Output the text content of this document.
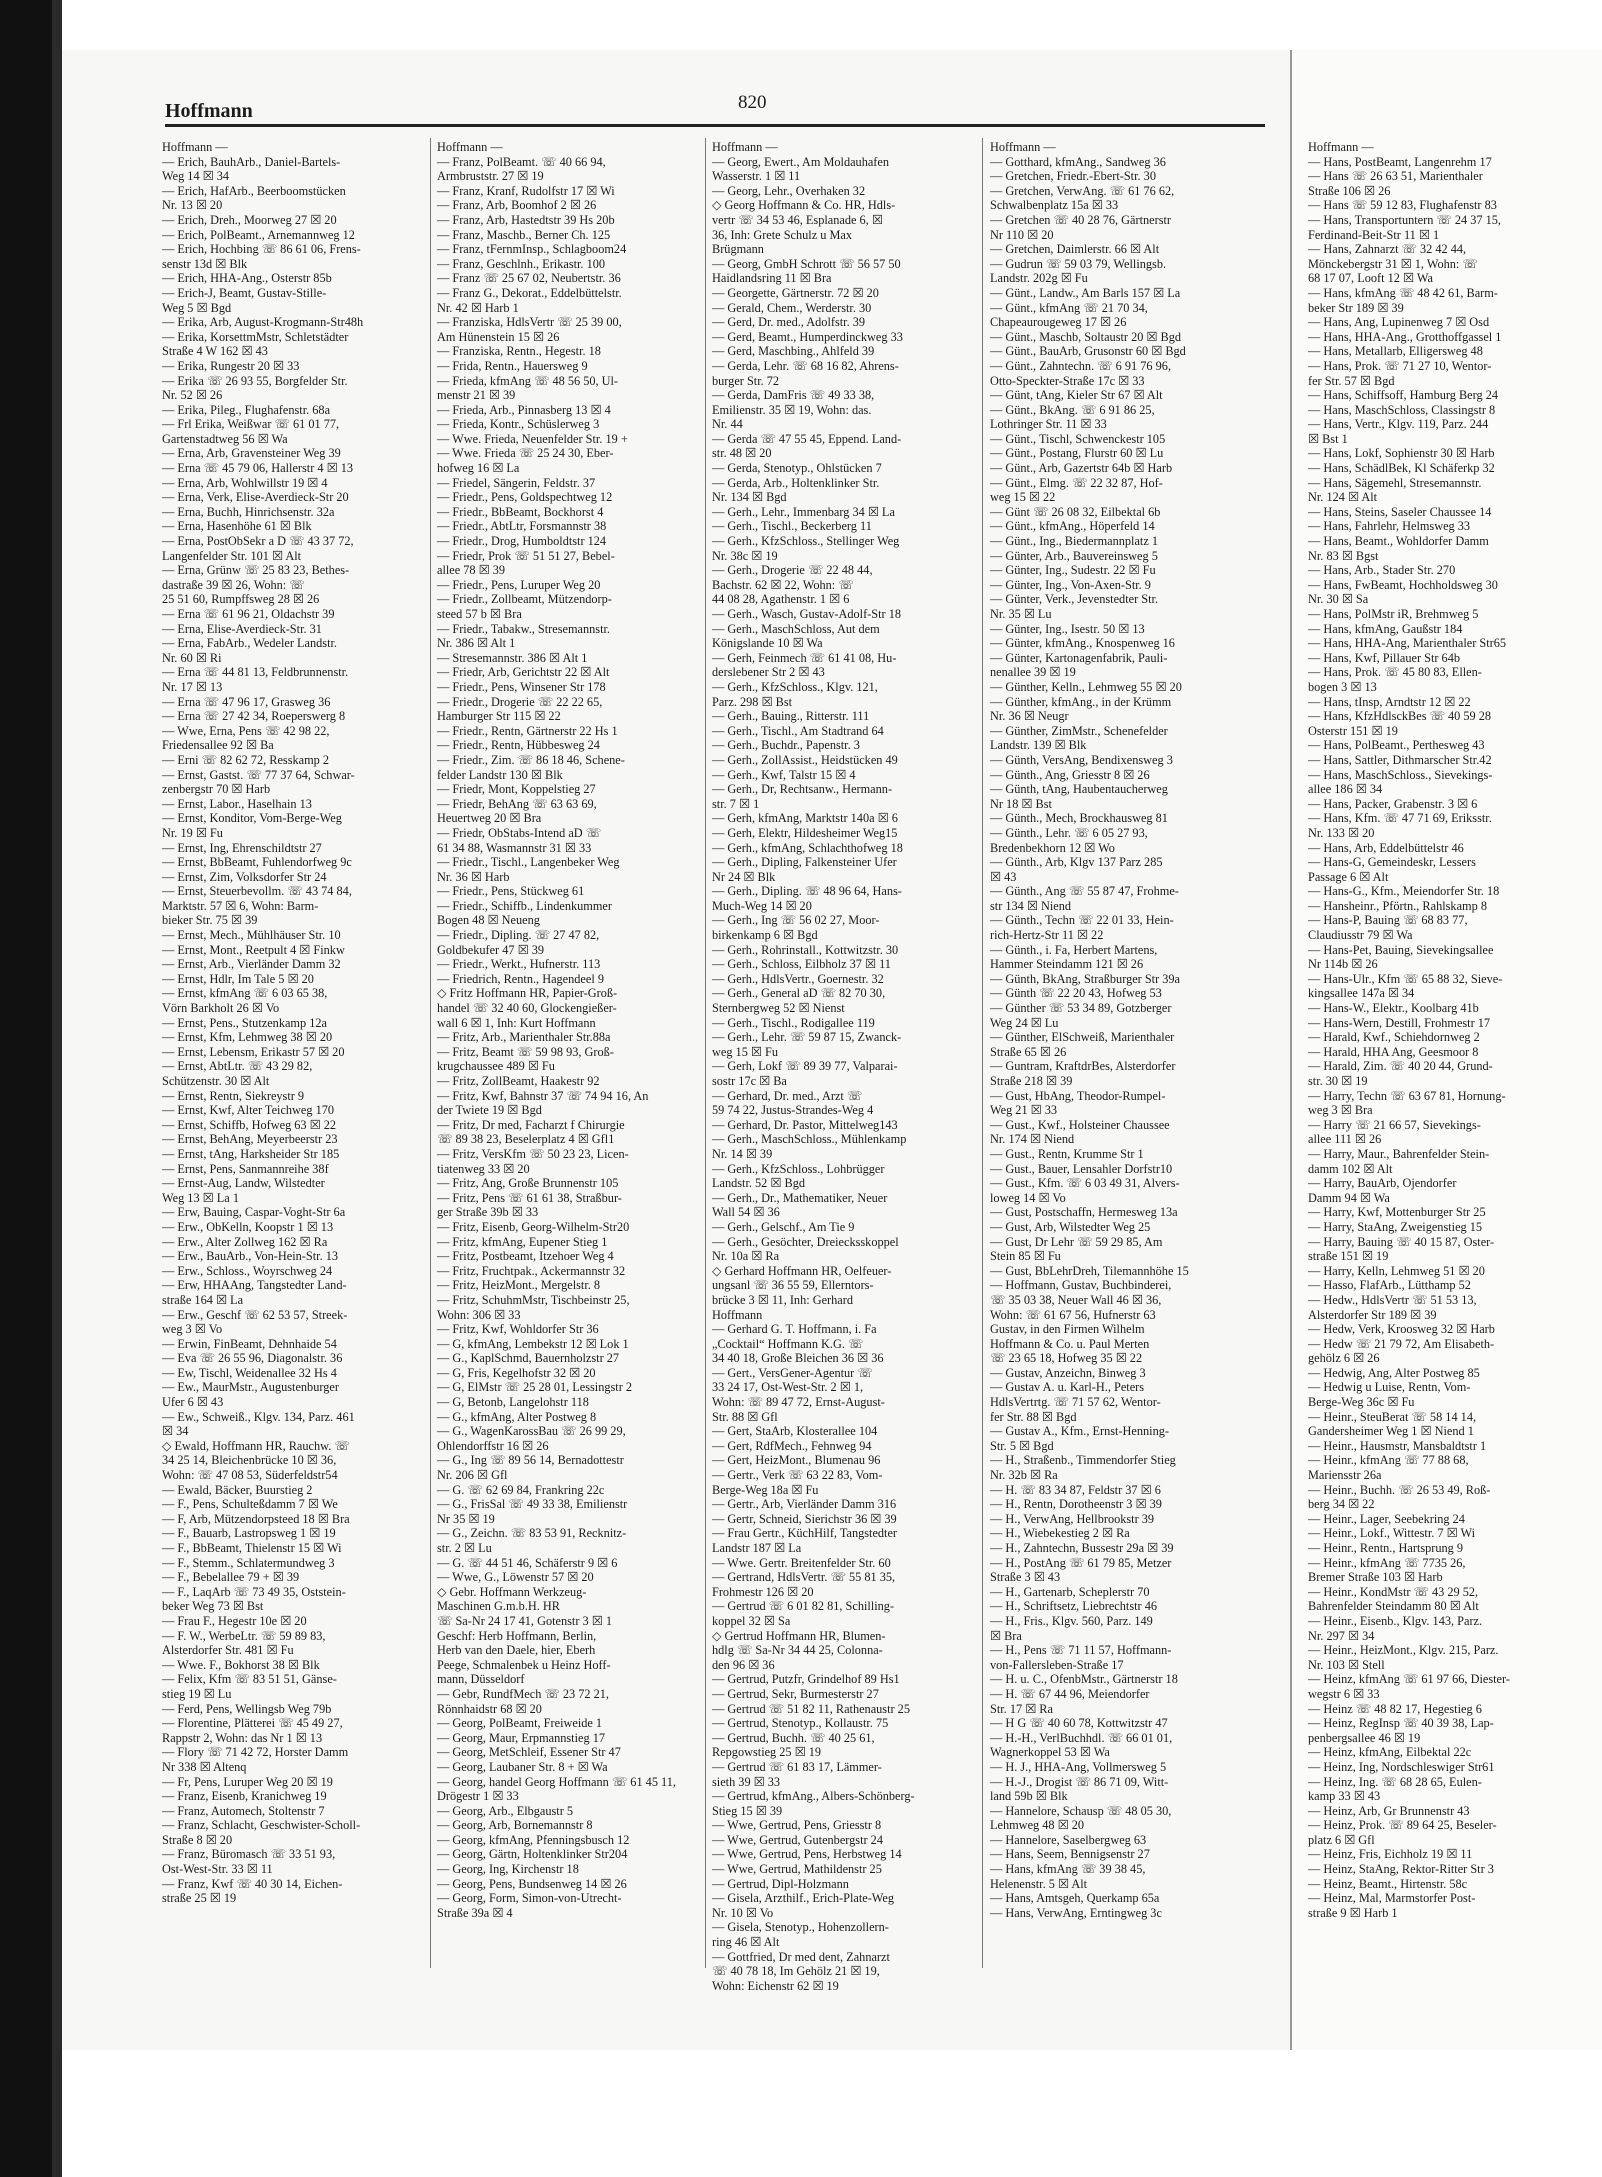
Hoffmann	820
Hoffmann —
— Erich, BauhArb., Daniel-Bartels-
Weg 14 ☒ 34
— Erich, HafArb., Beerboomstücken
Nr. 13 ☒ 20
— Erich, Dreh., Moorweg 27 ☒ 20
— Erich, PolBeamt., Arnemannweg 12
— Erich, Hochbing ☏ 86 61 06, Frens-
senstr 13d ☒ Blk
— Erich, HHA-Ang., Osterstr 85b
— Erich-J, Beamt, Gustav-Stille-
Weg 5 ☒ Bgd
— Erika, Arb, August-Krogmann-Str48h
— Erika, KorsettmMstr, Schletstädter
Straße 4 W 162 ☒ 43
— Erika, Rungestr 20 ☒ 33
— Erika ☏ 26 93 55, Borgfelder Str.
Nr. 52 ☒ 26
— Erika, Pileg., Flughafenstr. 68a
— Frl Erika, Weißwar ☏ 61 01 77,
Gartenstadtweg 56 ☒ Wa
— Erna, Arb, Gravensteiner Weg 39
— Erna ☏ 45 79 06, Hallerstr 4 ☒ 13
— Erna, Arb, Wohlwillstr 19 ☒ 4
— Erna, Verk, Elise-Averdieck-Str 20
— Erna, Buchh, Hinrichsenstr. 32a
— Erna, Hasenhöhe 61 ☒ Blk
— Erna, PostObSekr a D ☏ 43 37 72,
Langenfelder Str. 101 ☒ Alt
— Erna, Grünw ☏ 25 83 23, Bethes-
dastraße 39 ☒ 26, Wohn: ☏
25 51 60, Rumpffsweg 28 ☒ 26
— Erna ☏ 61 96 21, Oldachstr 39
— Erna, Elise-Averdieck-Str. 31
— Erna, FabArb., Wedeler Landstr.
Nr. 60 ☒ Ri
— Erna ☏ 44 81 13, Feldbrunnenstr.
Nr. 17 ☒ 13
— Erna ☏ 47 96 17, Grasweg 36
— Erna ☏ 27 42 34, Roeperswerg 8
— Wwe, Erna, Pens ☏ 42 98 22,
Friedensallee 92 ☒ Ba
— Erni ☏ 82 62 72, Resskamp 2
— Ernst, Gastst. ☏ 77 37 64, Schwar-
zenbergstr 70 ☒ Harb
— Ernst, Labor., Haselhain 13
— Ernst, Konditor, Vom-Berge-Weg
Nr. 19 ☒ Fu
— Ernst, Ing, Ehrenschildtstr 27
— Ernst, BbBeamt, Fuhlendorfweg 9c
— Ernst, Zim, Volksdorfer Str 24
— Ernst, Steuerbevollm. ☏ 43 74 84,
Marktstr. 57 ☒ 6, Wohn: Barm-
bieker Str. 75 ☒ 39
— Ernst, Mech., Mühlhäuser Str. 10
— Ernst, Mont., Reetpult 4 ☒ Finkw
— Ernst, Arb., Vierländer Damm 32
— Ernst, Hdlr, Im Tale 5 ☒ 20
— Ernst, kfmAng ☏ 6 03 65 38,
Vörn Barkholt 26 ☒ Vo
— Ernst, Pens., Stutzenkamp 12a
— Ernst, Kfm, Lehmweg 38 ☒ 20
— Ernst, Lebensm, Erikastr 57 ☒ 20
— Ernst, AbtLtr. ☏ 43 29 82,
Schützenstr. 30 ☒ Alt
— Ernst, Rentn, Siekreystr 9
— Ernst, Kwf, Alter Teichweg 170
— Ernst, Schiffb, Hofweg 63 ☒ 22
— Ernst, BehAng, Meyerbeerstr 23
— Ernst, tAng, Harksheider Str 185
— Ernst, Pens, Sanmannreihe 38f
— Ernst-Aug, Landw, Wilstedter
Weg 13 ☒ La 1
— Erw, Bauing, Caspar-Voght-Str 6a
— Erw., ObKelln, Koopstr 1 ☒ 13
— Erw., Alter Zollweg 162 ☒ Ra
— Erw., BauArb., Von-Hein-Str. 13
— Erw., Schloss., Woyrschweg 24
— Erw, HHAAng, Tangstedter Land-
straße 164 ☒ La
— Erw., Geschf ☏ 62 53 57, Streek-
weg 3 ☒ Vo
— Erwin, FinBeamt, Dehnhaide 54
— Eva ☏ 26 55 96, Diagonalstr. 36
— Ew, Tischl, Weidenallee 32 Hs 4
— Ew., MaurMstr., Augustenburger
Ufer 6 ☒ 43
— Ew., Schweiß., Klgv. 134, Parz. 461
☒ 34
◇ Ewald, Hoffmann HR, Rauchw. ☏
34 25 14, Bleichenbrücke 10 ☒ 36,
Wohn: ☏ 47 08 53, Süderfeldstr54
— Ewald, Bäcker, Buurstieg 2
— F., Pens, Schulteßdamm 7 ☒ We
— F, Arb, Mützendorpsteed 18 ☒ Bra
— F., Bauarb, Lastropsweg 1 ☒ 19
— F., BbBeamt, Thielenstr 15 ☒ Wi
— F., Stemm., Schlatermundweg 3
— F., Bebelallee 79 + ☒ 39
— F., LaqArb ☏ 73 49 35, Oststein-
beker Weg 73 ☒ Bst
— Frau F., Hegestr 10e ☒ 20
— F. W., WerbeLtr. ☏ 59 89 83,
Alsterdorfer Str. 481 ☒ Fu
— Wwe. F., Bokhorst 38 ☒ Blk
— Felix, Kfm ☏ 83 51 51, Gänse-
stieg 19 ☒ Lu
— Ferd, Pens, Wellingsb Weg 79b
— Florentine, Plätterei ☏ 45 49 27,
Rappstr 2, Wohn: das Nr 1 ☒ 13
— Flory ☏ 71 42 72, Horster Damm
Nr 338 ☒ Altenq
— Fr, Pens, Luruper Weg 20 ☒ 19
— Franz, Eisenb, Kranichweg 19
— Franz, Automech, Stoltenstr 7
— Franz, Schlacht, Geschwister-Scholl-
Straße 8 ☒ 20
— Franz, Büromasch ☏ 33 51 93,
Ost-West-Str. 33 ☒ 11
— Franz, Kwf ☏ 40 30 14, Eichen-
straße 25 ☒ 19
Hoffmann —
— Franz, PolBeamt. ☏ 40 66 94,
Armbruststr. 27 ☒ 19
— Franz, Kranf, Rudolfstr 17 ☒ Wi
— Franz, Arb, Boomhof 2 ☒ 26
— Franz, Arb, Hastedtstr 39 Hs 20b
— Franz, Maschb., Berner Ch. 125
— Franz, tFernmInsp., Schlagboom24
— Franz, Geschlnh., Erikastr. 100
— Franz ☏ 25 67 02, Neubertstr. 36
— Franz G., Dekorat., Eddelbüttelstr.
Nr. 42 ☒ Harb 1
— Franziska, HdlsVertr ☏ 25 39 00,
Am Hünenstein 15 ☒ 26
— Franziska, Rentn., Hegestr. 18
— Frida, Rentn., Hauersweg 9
— Frieda, kfmAng ☏ 48 56 50, Ul-
menstr 21 ☒ 39
— Frieda, Arb., Pinnasberg 13 ☒ 4
— Frieda, Kontr., Schüslerweg 3
— Wwe. Frieda, Neuenfelder Str. 19 +
— Wwe. Frieda ☏ 25 24 30, Eber-
hofweg 16 ☒ La
— Friedel, Sängerin, Feldstr. 37
— Friedr., Pens, Goldspechtweg 12
— Friedr., BbBeamt, Bockhorst 4
— Friedr., AbtLtr, Forsmannstr 38
— Friedr., Drog, Humboldtstr 124
— Friedr, Prok ☏ 51 51 27, Bebel-
allee 78 ☒ 39
— Friedr., Pens, Luruper Weg 20
— Friedr., Zollbeamt, Mützendorp-
steed 57 b ☒ Bra
— Friedr., Tabakw., Stresemannstr.
Nr. 386 ☒ Alt 1
— Stresemannstr. 386 ☒ Alt 1
— Friedr, Arb, Gerichtstr 22 ☒ Alt
— Friedr., Pens, Winsener Str 178
— Friedr., Drogerie ☏ 22 22 65,
Hamburger Str 115 ☒ 22
— Friedr., Rentn, Gärtnerstr 22 Hs 1
— Friedr., Rentn, Hübbesweg 24
— Friedr., Zim. ☏ 86 18 46, Schene-
felder Landstr 130 ☒ Blk
— Friedr, Mont, Koppelstieg 27
— Friedr, BehAng ☏ 63 63 69,
Heuertweg 20 ☒ Bra
— Friedr, ObStabs-Intend aD ☏
61 34 88, Wasmannstr 31 ☒ 33
— Friedr., Tischl., Langenbeker Weg
Nr. 36 ☒ Harb
— Friedr., Pens, Stückweg 61
— Friedr., Schiffb., Lindenkummer
Bogen 48 ☒ Neueng
— Friedr., Dipling. ☏ 27 47 82,
Goldbekufer 47 ☒ 39
— Friedr., Werkt., Hufnerstr. 113
— Friedrich, Rentn., Hagendeel 9
◇ Fritz Hoffmann HR, Papier-Groß-
handel ☏ 32 40 60, Glockengießer-
wall 6 ☒ 1, Inh: Kurt Hoffmann
— Fritz, Arb., Marienthaler Str.88a
— Fritz, Beamt ☏ 59 98 93, Groß-
krugchaussee 489 ☒ Fu
— Fritz, ZollBeamt, Haakestr 92
— Fritz, Kwf, Bahnstr 37 ☏ 74 94 16, An
der Twiete 19 ☒ Bgd
— Fritz, Dr med, Facharzt f Chirurgie
☏ 89 38 23, Beselerplatz 4 ☒ Gfl1
— Fritz, VersKfm ☏ 50 23 23, Licen-
tiatenweg 33 ☒ 20
— Fritz, Ang, Große Brunnenstr 105
— Fritz, Pens ☏ 61 61 38, Straßbur-
ger Straße 39b ☒ 33
— Fritz, Eisenb, Georg-Wilhelm-Str20
— Fritz, kfmAng, Eupener Stieg 1
— Fritz, Postbeamt, Itzehoer Weg 4
— Fritz, Fruchtpak., Ackermannstr 32
— Fritz, HeizMont., Mergelstr. 8
— Fritz, SchuhmMstr, Tischbeinstr 25,
Wohn: 306 ☒ 33
— Fritz, Kwf, Wohldorfer Str 36
— G, kfmAng, Lembekstr 12 ☒ Lok 1
— G., KaplSchmd, Bauernholzstr 27
— G, Fris, Kegelhofstr 32 ☒ 20
— G, ElMstr ☏ 25 28 01, Lessingstr 2
— G, Betonb, Langelohstr 118
— G., kfmAng, Alter Postweg 8
— G., WagenKarossBau ☏ 26 99 29,
Ohlendorffstr 16 ☒ 26
— G., Ing ☏ 89 56 14, Bernadottestr
Nr. 206 ☒ Gfl
— G. ☏ 62 69 84, Frankring 22c
— G., FrisSal ☏ 49 33 38, Emilienstr
Nr 35 ☒ 19
— G., Zeichn. ☏ 83 53 91, Recknitz-
str. 2 ☒ Lu
— G. ☏ 44 51 46, Schäferstr 9 ☒ 6
— Wwe, G., Löwenstr 57 ☒ 20
◇ Gebr. Hoffmann Werkzeug-
Maschinen G.m.b.H. HR
☏ Sa-Nr 24 17 41, Gotenstr 3 ☒ 1
Geschf: Herb Hoffmann, Berlin,
Herb van den Daele, hier, Eberh
Peege, Schmalenbek u Heinz Hoff-
mann, Düsseldorf
— Gebr, RundfMech ☏ 23 72 21,
Rönnhaidstr 68 ☒ 20
— Georg, PolBeamt, Freiweide 1
— Georg, Maur, Erpmannstieg 17
— Georg, MetSchleif, Essener Str 47
— Georg, Laubaner Str. 8 + ☒ Wa
— Georg, handel Georg Hoffmann ☏ 61 45 11,
Drögestr 1 ☒ 33
— Georg, Arb., Elbgaustr 5
— Georg, Arb, Bornemannstr 8
— Georg, kfmAng, Pfenningsbusch 12
— Georg, Gärtn, Holtenklinker Str204
— Georg, Ing, Kirchenstr 18
— Georg, Pens, Bundsenweg 14 ☒ 26
— Georg, Form, Simon-von-Utrecht-
Straße 39a ☒ 4
Hoffmann —
— Georg, Ewert., Am Moldauhafen
Wasserstr. 1 ☒ 11
— Georg, Lehr., Overhaken 32
◇ Georg Hoffmann & Co. HR, Hdls-
vertr ☏ 34 53 46, Esplanade 6, ☒
36, Inh: Grete Schulz u Max
Brügmann
— Georg, GmbH Schrott ☏ 56 57 50
Haidlandsring 11 ☒ Bra
— Georgette, Gärtnerstr. 72 ☒ 20
— Gerald, Chem., Werderstr. 30
— Gerd, Dr. med., Adolfstr. 39
— Gerd, Beamt., Humperdinckweg 33
— Gerd, Maschbing., Ahlfeld 39
— Gerda, Lehr. ☏ 68 16 82, Ahrens-
burger Str. 72
— Gerda, DamFris ☏ 49 33 38,
Emilienstr. 35 ☒ 19, Wohn: das.
Nr. 44
— Gerda ☏ 47 55 45, Eppend. Land-
str. 48 ☒ 20
— Gerda, Stenotyp., Ohlstücken 7
— Gerda, Arb., Holtenklinker Str.
Nr. 134 ☒ Bgd
— Gerh., Lehr., Immenbarg 34 ☒ La
— Gerh., Tischl., Beckerberg 11
— Gerh., KfzSchloss., Stellinger Weg
Nr. 38c ☒ 19
— Gerh., Drogerie ☏ 22 48 44,
Bachstr. 62 ☒ 22, Wohn: ☏
44 08 28, Agathenstr. 1 ☒ 6
— Gerh., Wasch, Gustav-Adolf-Str 18
— Gerh., MaschSchloss, Aut dem
Königslande 10 ☒ Wa
— Gerh, Feinmech ☏ 61 41 08, Hu-
derslebener Str 2 ☒ 43
— Gerh., KfzSchloss., Klgv. 121,
Parz. 298 ☒ Bst
— Gerh., Bauing., Ritterstr. 111
— Gerh., Tischl., Am Stadtrand 64
— Gerh., Buchdr., Papenstr. 3
— Gerh., ZollAssist., Heidstücken 49
— Gerh., Kwf, Talstr 15 ☒ 4
— Gerh., Dr, Rechtsanw., Hermann-
str. 7 ☒ 1
— Gerh, kfmAng, Marktstr 140a ☒ 6
— Gerh, Elektr, Hildesheimer Weg15
— Gerh., kfmAng, Schlachthofweg 18
— Gerh., Dipling, Falkensteiner Ufer
Nr 24 ☒ Blk
— Gerh., Dipling. ☏ 48 96 64, Hans-
Much-Weg 14 ☒ 20
— Gerh., Ing ☏ 56 02 27, Moor-
birkenkamp 6 ☒ Bgd
— Gerh., Rohrinstall., Kottwitzstr. 30
— Gerh., Schloss, Eilbholz 37 ☒ 11
— Gerh., HdlsVertr., Goernestr. 32
— Gerh., General aD ☏ 82 70 30,
Sternbergweg 52 ☒ Nienst
— Gerh., Tischl., Rodigallee 119
— Gerh., Lehr. ☏ 59 87 15, Zwanck-
weg 15 ☒ Fu
— Gerh, Lokf ☏ 89 39 77, Valparai-
sostr 17c ☒ Ba
— Gerhard, Dr. med., Arzt ☏
59 74 22, Justus-Strandes-Weg 4
— Gerhard, Dr. Pastor, Mittelweg143
— Gerh., MaschSchloss., Mühlenkamp
Nr. 14 ☒ 39
— Gerh., KfzSchloss., Lohbrügger
Landstr. 52 ☒ Bgd
— Gerh., Dr., Mathematiker, Neuer
Wall 54 ☒ 36
— Gerh., Gelschf., Am Tie 9
— Gerh., Gesöchter, Dreiecksskoppel
Nr. 10a ☒ Ra
◇ Gerhard Hoffmann HR, Oelfeuer-
ungsanl ☏ 36 55 59, Ellerntors-
brücke 3 ☒ 11, Inh: Gerhard
Hoffmann
— Gerhard G. T. Hoffmann, i. Fa
„Cocktail“ Hoffmann K.G. ☏
34 40 18, Große Bleichen 36 ☒ 36
— Gert., VersGener-Agentur ☏
33 24 17, Ost-West-Str. 2 ☒ 1,
Wohn: ☏ 89 47 72, Ernst-August-
Str. 88 ☒ Gfl
— Gert, StaArb, Klosterallee 104
— Gert, RdfMech., Fehnweg 94
— Gert, HeizMont., Blumenau 96
— Gertr., Verk ☏ 63 22 83, Vom-
Berge-Weg 18a ☒ Fu
— Gertr., Arb, Vierländer Damm 316
— Gertr, Schneid, Sierichstr 36 ☒ 39
— Frau Gertr., KüchHilf, Tangstedter
Landstr 187 ☒ La
— Wwe. Gertr. Breitenfelder Str. 60
— Gertrand, HdlsVertr. ☏ 55 81 35,
Frohmestr 126 ☒ 20
— Gertrud ☏ 6 01 82 81, Schilling-
koppel 32 ☒ Sa
◇ Gertrud Hoffmann HR, Blumen-
hdlg ☏ Sa-Nr 34 44 25, Colonna-
den 96 ☒ 36
— Gertrud, Putzfr, Grindelhof 89 Hs1
— Gertrud, Sekr, Burmesterstr 27
— Gertrud ☏ 51 82 11, Rathenaustr 25
— Gertrud, Stenotyp., Kollaustr. 75
— Gertrud, Buchh. ☏ 40 25 61,
Repgowstieg 25 ☒ 19
— Gertrud ☏ 61 83 17, Lämmer-
sieth 39 ☒ 33
— Gertrud, kfmAng., Albers-Schönberg-
Stieg 15 ☒ 39
— Wwe, Gertrud, Pens, Griesstr 8
— Wwe, Gertrud, Gutenbergstr 24
— Wwe, Gertrud, Pens, Herbstweg 14
— Wwe, Gertrud, Mathildenstr 25
— Gertrud, Dipl-Holzmann
— Gisela, Arzthilf., Erich-Plate-Weg
Nr. 10 ☒ Vo
— Gisela, Stenotyp., Hohenzollern-
ring 46 ☒ Alt
— Gottfried, Dr med dent, Zahnarzt
☏ 40 78 18, Im Gehölz 21 ☒ 19,
Wohn: Eichenstr 62 ☒ 19
Hoffmann —
— Gotthard, kfmAng., Sandweg 36
— Gretchen, Friedr.-Ebert-Str. 30
— Gretchen, VerwAng. ☏ 61 76 62,
Schwalbenplatz 15a ☒ 33
— Gretchen ☏ 40 28 76, Gärtnerstr
Nr 110 ☒ 20
— Gretchen, Daimlerstr. 66 ☒ Alt
— Gudrun ☏ 59 03 79, Wellingsb.
Landstr. 202g ☒ Fu
— Günt., Landw., Am Barls 157 ☒ La
— Günt., kfmAng ☏ 21 70 34,
Chapeaurougeweg 17 ☒ 26
— Günt., Maschb, Soltaustr 20 ☒ Bgd
— Günt., BauArb, Grusonstr 60 ☒ Bgd
— Günt., Zahntechn. ☏ 6 91 76 96,
Otto-Speckter-Straße 17c ☒ 33
— Günt, tAng, Kieler Str 67 ☒ Alt
— Günt., BkAng. ☏ 6 91 86 25,
Lothringer Str. 11 ☒ 33
— Günt., Tischl, Schwenckestr 105
— Günt., Postang, Flurstr 60 ☒ Lu
— Günt., Arb, Gazertstr 64b ☒ Harb
— Günt., Elmg. ☏ 22 32 87, Hof-
weg 15 ☒ 22
— Günt ☏ 26 08 32, Eilbektal 6b
— Günt., kfmAng., Höperfeld 14
— Günt., Ing., Biedermannplatz 1
— Günter, Arb., Bauvereinsweg 5
— Günter, Ing., Sudestr. 22 ☒ Fu
— Günter, Ing., Von-Axen-Str. 9
— Günter, Verk., Jevenstedter Str.
Nr. 35 ☒ Lu
— Günter, Ing., Isestr. 50 ☒ 13
— Günter, kfmAng., Knospenweg 16
— Günter, Kartonagenfabrik, Pauli-
nenallee 39 ☒ 19
— Günther, Kelln., Lehmweg 55 ☒ 20
— Günther, kfmAng., in der Krümm
Nr. 36 ☒ Neugr
— Günther, ZimMstr., Schenefelder
Landstr. 139 ☒ Blk
— Günth, VersAng, Bendixensweg 3
— Günth., Ang, Griesstr 8 ☒ 26
— Günth, tAng, Haubentaucherweg
Nr 18 ☒ Bst
— Günth., Mech, Brockhausweg 81
— Günth., Lehr. ☏ 6 05 27 93,
Bredenbekhorn 12 ☒ Wo
— Günth., Arb, Klgv 137 Parz 285
☒ 43
— Günth., Ang ☏ 55 87 47, Frohme-
str 134 ☒ Niend
— Günth., Techn ☏ 22 01 33, Hein-
rich-Hertz-Str 11 ☒ 22
— Günth., i. Fa, Herbert Martens,
Hammer Steindamm 121 ☒ 26
— Günth, BkAng, Straßburger Str 39a
— Günth ☏ 22 20 43, Hofweg 53
— Günther ☏ 53 34 89, Gotzberger
Weg 24 ☒ Lu
— Günther, ElSchweiß, Marienthaler
Straße 65 ☒ 26
— Guntram, KraftdrBes, Alsterdorfer
Straße 218 ☒ 39
— Gust, HbAng, Theodor-Rumpel-
Weg 21 ☒ 33
— Gust., Kwf., Holsteiner Chaussee
Nr. 174 ☒ Niend
— Gust., Rentn, Krumme Str 1
— Gust., Bauer, Lensahler Dorfstr10
— Gust., Kfm. ☏ 6 03 49 31, Alvers-
loweg 14 ☒ Vo
— Gust, Postschaffn, Hermesweg 13a
— Gust, Arb, Wilstedter Weg 25
— Gust, Dr Lehr ☏ 59 29 85, Am
Stein 85 ☒ Fu
— Gust, BbLehrDreh, Tilemannhöhe 15
— Hoffmann, Gustav, Buchbinderei,
☏ 35 03 38, Neuer Wall 46 ☒ 36,
Wohn: ☏ 61 67 56, Hufnerstr 63
Gustav, in den Firmen Wilhelm
Hoffmann & Co. u. Paul Merten
☏ 23 65 18, Hofweg 35 ☒ 22
— Gustav, Anzeichn, Binweg 3
— Gustav A. u. Karl-H., Peters
HdlsVertrtg. ☏ 71 57 62, Wentor-
fer Str. 88 ☒ Bgd
— Gustav A., Kfm., Ernst-Henning-
Str. 5 ☒ Bgd
— H., Straßenb., Timmendorfer Stieg
Nr. 32b ☒ Ra
— H. ☏ 83 34 87, Feldstr 37 ☒ 6
— H., Rentn, Dorotheenstr 3 ☒ 39
— H., VerwAng, Hellbrookstr 39
— H., Wiebekestieg 2 ☒ Ra
— H., Zahntechn, Bussestr 29a ☒ 39
— H., PostAng ☏ 61 79 85, Metzer
Straße 3 ☒ 43
— H., Gartenarb, Scheplerstr 70
— H., Schriftsetz, Liebrechtstr 46
— H., Fris., Klgv. 560, Parz. 149
☒ Bra
— H., Pens ☏ 71 11 57, Hoffmann-
von-Fallersleben-Straße 17
— H. u. C., OfenbMstr., Gärtnerstr 18
— H. ☏ 67 44 96, Meiendorfer
Str. 17 ☒ Ra
— H G ☏ 40 60 78, Kottwitzstr 47
— H.-H., VerlBuchhdl. ☏ 66 01 01,
Wagnerkoppel 53 ☒ Wa
— H. J., HHA-Ang, Vollmersweg 5
— H.-J., Drogist ☏ 86 71 09, Witt-
land 59b ☒ Blk
— Hannelore, Schausp ☏ 48 05 30,
Lehmweg 48 ☒ 20
— Hannelore, Saselbergweg 63
— Hans, Seem, Bennigsenstr 27
— Hans, kfmAng ☏ 39 38 45,
Helenenstr. 5 ☒ Alt
— Hans, Amtsgeh, Querkamp 65a
— Hans, VerwAng, Erntingweg 3c
Hoffmann —
— Hans, PostBeamt, Langenrehm 17
— Hans ☏ 26 63 51, Marienthaler
Straße 106 ☒ 26
— Hans ☏ 59 12 83, Flughafenstr 83
— Hans, Transportuntern ☏ 24 37 15,
Ferdinand-Beit-Str 11 ☒ 1
— Hans, Zahnarzt ☏ 32 42 44,
Mönckebergstr 31 ☒ 1, Wohn: ☏
68 17 07, Looft 12 ☒ Wa
— Hans, kfmAng ☏ 48 42 61, Barm-
beker Str 189 ☒ 39
— Hans, Ang, Lupinenweg 7 ☒ Osd
— Hans, HHA-Ang., Grotthoffgassel 1
— Hans, Metallarb, Elligersweg 48
— Hans, Prok. ☏ 71 27 10, Wentor-
fer Str. 57 ☒ Bgd
— Hans, Schiffsoff, Hamburg Berg 24
— Hans, MaschSchloss, Classingstr 8
— Hans, Vertr., Klgv. 119, Parz. 244
☒ Bst 1
— Hans, Lokf, Sophienstr 30 ☒ Harb
— Hans, SchädlBek, Kl Schäferkp 32
— Hans, Sägemehl, Stresemannstr.
Nr. 124 ☒ Alt
— Hans, Steins, Saseler Chaussee 14
— Hans, Fahrlehr, Helmsweg 33
— Hans, Beamt., Wohldorfer Damm
Nr. 83 ☒ Bgst
— Hans, Arb., Stader Str. 270
— Hans, FwBeamt, Hochholdsweg 30
Nr. 30 ☒ Sa
— Hans, PolMstr iR, Brehmweg 5
— Hans, kfmAng, Gaußstr 184
— Hans, HHA-Ang, Marienthaler Str65
— Hans, Kwf, Pillauer Str 64b
— Hans, Prok. ☏ 45 80 83, Ellen-
bogen 3 ☒ 13
— Hans, tInsp, Arndtstr 12 ☒ 22
— Hans, KfzHdlsckBes ☏ 40 59 28
Osterstr 151 ☒ 19
— Hans, PolBeamt., Perthesweg 43
— Hans, Sattler, Dithmarscher Str.42
— Hans, MaschSchloss., Sievekings-
allee 186 ☒ 34
— Hans, Packer, Grabenstr. 3 ☒ 6
— Hans, Kfm. ☏ 47 71 69, Eriksstr.
Nr. 133 ☒ 20
— Hans, Arb, Eddelbüttelstr 46
— Hans-G, Gemeindeskr, Lessers
Passage 6 ☒ Alt
— Hans-G., Kfm., Meiendorfer Str. 18
— Hansheinr., Pförtn., Rahlskamp 8
— Hans-P, Bauing ☏ 68 83 77,
Claudiusstr 79 ☒ Wa
— Hans-Pet, Bauing, Sievekingsallee
Nr 114b ☒ 26
— Hans-Ulr., Kfm ☏ 65 88 32, Sieve-
kingsallee 147a ☒ 34
— Hans-W., Elektr., Koolbarg 41b
— Hans-Wern, Destill, Frohmestr 17
— Harald, Kwf., Schiehdornweg 2
— Harald, HHA Ang, Geesmoor 8
— Harald, Zim. ☏ 40 20 44, Grund-
str. 30 ☒ 19
— Harry, Techn ☏ 63 67 81, Hornung-
weg 3 ☒ Bra
— Harry ☏ 21 66 57, Sievekings-
allee 111 ☒ 26
— Harry, Maur., Bahrenfelder Stein-
damm 102 ☒ Alt
— Harry, BauArb, Ojendorfer
Damm 94 ☒ Wa
— Harry, Kwf, Mottenburger Str 25
— Harry, StaAng, Zweigenstieg 15
— Harry, Bauing ☏ 40 15 87, Oster-
straße 151 ☒ 19
— Harry, Kelln, Lehmweg 51 ☒ 20
— Hasso, FlafArb., Lütthamp 52
— Hedw., HdlsVertr ☏ 51 53 13,
Alsterdorfer Str 189 ☒ 39
— Hedw, Verk, Kroosweg 32 ☒ Harb
— Hedw ☏ 21 79 72, Am Elisabeth-
gehölz 6 ☒ 26
— Hedwig, Ang, Alter Postweg 85
— Hedwig u Luise, Rentn, Vom-
Berge-Weg 36c ☒ Fu
— Heinr., SteuBerat ☏ 58 14 14,
Gandersheimer Weg 1 ☒ Niend 1
— Heinr., Hausmstr, Mansbaldtstr 1
— Heinr., kfmAng ☏ 77 88 68,
Mariensstr 26a
— Heinr., Buchh. ☏ 26 53 49, Roß-
berg 34 ☒ 22
— Heinr., Lager, Seebekring 24
— Heinr., Lokf., Wittestr. 7 ☒ Wi
— Heinr., Rentn., Hartsprung 9
— Heinr., kfmAng ☏ 7735 26,
Bremer Straße 103 ☒ Harb
— Heinr., KondMstr ☏ 43 29 52,
Bahrenfelder Steindamm 80 ☒ Alt
— Heinr., Eisenb., Klgv. 143, Parz.
Nr. 297 ☒ 34
— Heinr., HeizMont., Klgv. 215, Parz.
Nr. 103 ☒ Stell
— Heinz, kfmAng ☏ 61 97 66, Diester-
wegstr 6 ☒ 33
— Heinz ☏ 48 82 17, Hegestieg 6
— Heinz, RegInsp ☏ 40 39 38, Lap-
penbergsallee 46 ☒ 19
— Heinz, kfmAng, Eilbektal 22c
— Heinz, Ing, Nordschleswiger Str61
— Heinz, Ing. ☏ 68 28 65, Eulen-
kamp 33 ☒ 43
— Heinz, Arb, Gr Brunnenstr 43
— Heinz, Prok. ☏ 89 64 25, Beseler-
platz 6 ☒ Gfl
— Heinz, Fris, Eichholz 19 ☒ 11
— Heinz, StaAng, Rektor-Ritter Str 3
— Heinz, Beamt., Hirtenstr. 58c
— Heinz, Mal, Marmstorfer Post-
straße 9 ☒ Harb 1
